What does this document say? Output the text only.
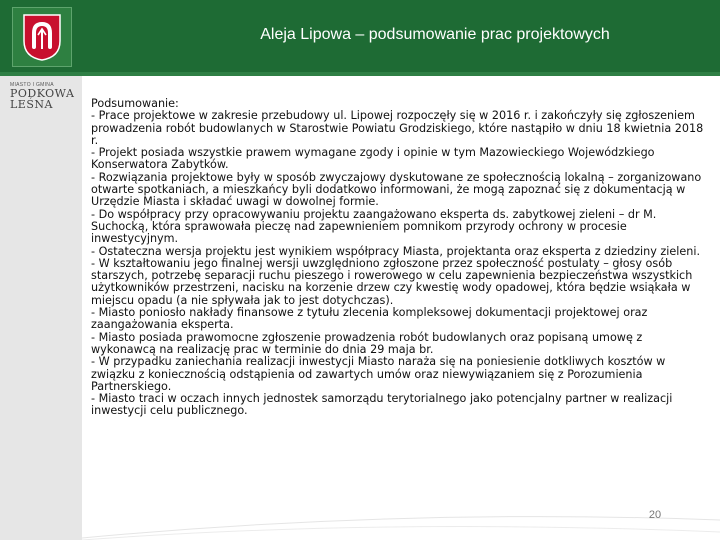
Aleja Lipowa – podsumowanie prac projektowych
MIASTO I GMINA
PODKOWA
LEŚNA	Podsumowanie:

- Prace projektowe w zakresie przebudowy ul. Lipowej rozpoczęły się w 2016 r. i zakończyły się zgłoszeniem prowadzenia robót budowlanych w Starostwie Powiatu Grodziskiego, które nastąpiło w dniu 18 kwietnia 2018 r.

- Projekt posiada wszystkie prawem wymagane zgody i opinie w tym Mazowieckiego Wojewódzkiego Konserwatora Zabytków.

- Rozwiązania projektowe były w sposób zwyczajowy dyskutowane ze społecznością lokalną – zorganizowano otwarte spotkaniach, a mieszkańcy byli dodatkowo informowani, że mogą zapoznać się z dokumentacją w Urzędzie Miasta i składać uwagi w dowolnej formie.

- Do współpracy przy opracowywaniu projektu zaangażowano eksperta ds. zabytkowej zieleni – dr M. Suchocką, która sprawowała pieczę nad zapewnieniem pomnikom przyrody ochrony w procesie inwestycyjnym.

- Ostateczna wersja projektu jest wynikiem współpracy Miasta, projektanta oraz eksperta z dziedziny zieleni.

- W kształtowaniu jego finalnej wersji uwzględniono zgłoszone przez społeczność postulaty – głosy osób starszych, potrzebę separacji ruchu pieszego i rowerowego w celu zapewnienia bezpieczeństwa wszystkich użytkowników przestrzeni, nacisku na korzenie drzew czy kwestię wody opadowej, która będzie wsiąkała w miejscu opadu (a nie spływała jak to jest dotychczas).

- Miasto poniosło nakłady finansowe z tytułu zlecenia kompleksowej dokumentacji projektowej oraz zaangażowania eksperta.

- Miasto posiada prawomocne zgłoszenie prowadzenia robót budowlanych oraz popisaną umowę z wykonawcą na realizację prac w terminie do dnia 29 maja br.

- W przypadku zaniechania realizacji inwestycji Miasto naraża się na poniesienie dotkliwych kosztów w związku z koniecznością odstąpienia od zawartych umów oraz niewywiązaniem się z Porozumienia Partnerskiego.

- Miasto traci w oczach innych jednostek samorządu terytorialnego jako potencjalny partner w realizacji inwestycji celu publicznego.

20
